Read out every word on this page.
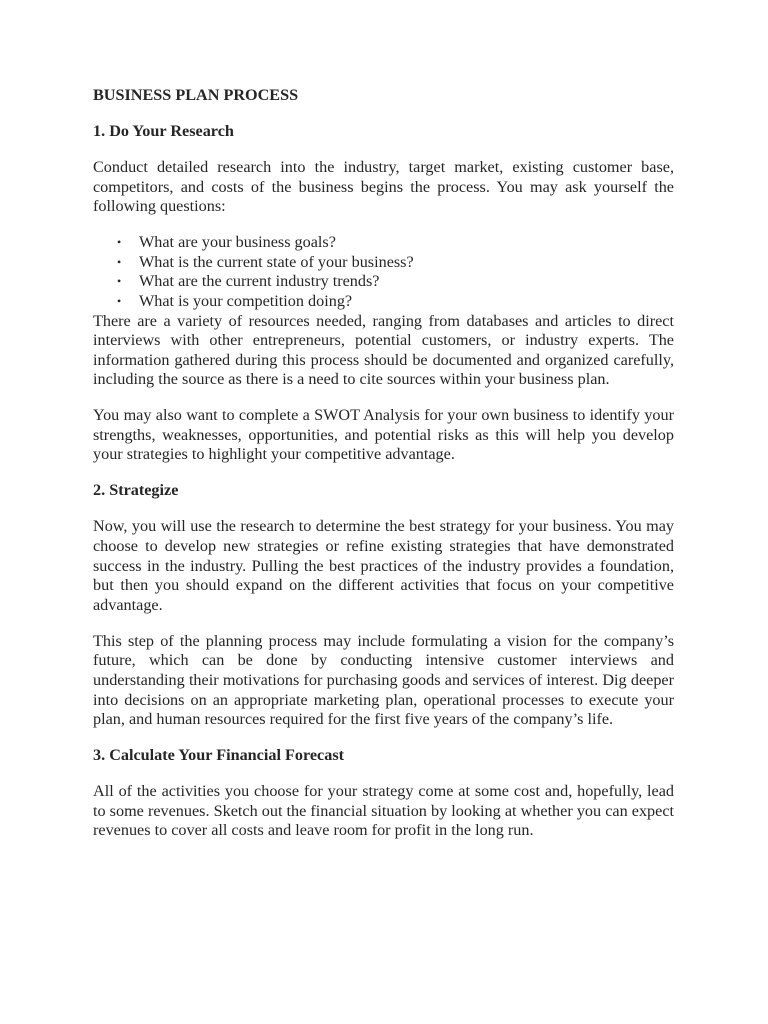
BUSINESS PLAN PROCESS
1. Do Your Research
Conduct detailed research into the industry, target market, existing customer base, competitors, and costs of the business begins the process. You may ask yourself the following questions:
• What are your business goals?
• What is the current state of your business?
• What are the current industry trends?
• What is your competition doing?
There are a variety of resources needed, ranging from databases and articles to direct interviews with other entrepreneurs, potential customers, or industry experts. The information gathered during this process should be documented and organized carefully, including the source as there is a need to cite sources within your business plan.
You may also want to complete a SWOT Analysis for your own business to identify your strengths, weaknesses, opportunities, and potential risks as this will help you develop your strategies to highlight your competitive advantage.
2. Strategize
Now, you will use the research to determine the best strategy for your business. You may choose to develop new strategies or refine existing strategies that have demonstrated success in the industry. Pulling the best practices of the industry provides a foundation, but then you should expand on the different activities that focus on your competitive advantage.
This step of the planning process may include formulating a vision for the company’s future, which can be done by conducting intensive customer interviews and understanding their motivations for purchasing goods and services of interest. Dig deeper into decisions on an appropriate marketing plan, operational processes to execute your plan, and human resources required for the first five years of the company’s life.
3. Calculate Your Financial Forecast
All of the activities you choose for your strategy come at some cost and, hopefully, lead to some revenues. Sketch out the financial situation by looking at whether you can expect revenues to cover all costs and leave room for profit in the long run.
